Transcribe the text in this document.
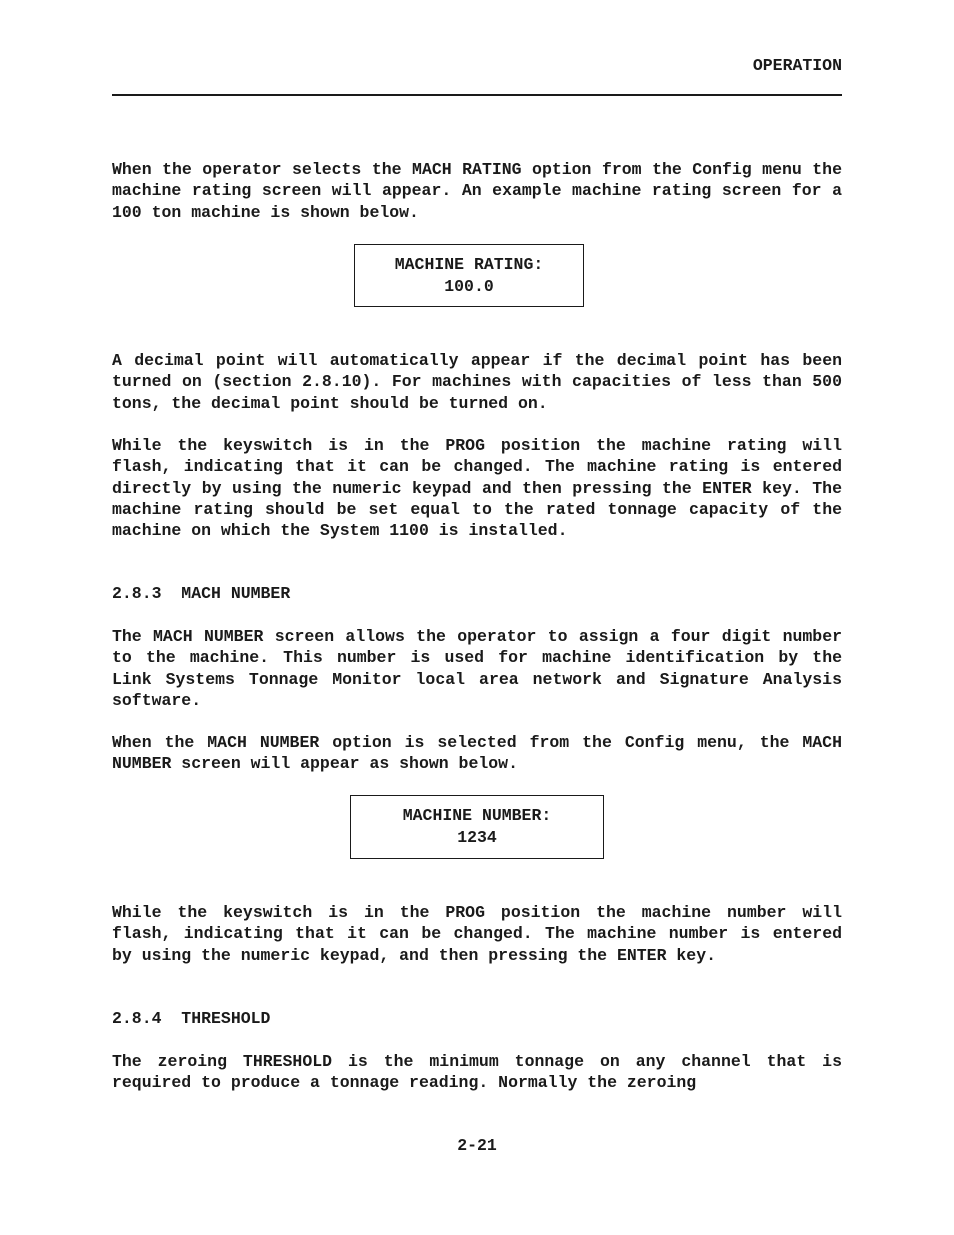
OPERATION

When the operator selects the MACH RATING option from the Config menu the machine rating screen will appear. An example machine rating screen for a 100 ton machine is shown below.

MACHINE RATING:
100.0

A decimal point will automatically appear if the decimal point has been turned on (section 2.8.10). For machines with capacities of less than 500 tons, the decimal point should be turned on.

While the keyswitch is in the PROG position the machine rating will flash, indicating that it can be changed. The machine rating is entered directly by using the numeric keypad and then pressing the ENTER key. The machine rating should be set equal to the rated tonnage capacity of the machine on which the System 1100 is installed.

2.8.3  MACH NUMBER

The MACH NUMBER screen allows the operator to assign a four digit number to the machine. This number is used for machine identification by the Link Systems Tonnage Monitor local area network and Signature Analysis software.

When the MACH NUMBER option is selected from the Config menu, the MACH NUMBER screen will appear as shown below.

MACHINE NUMBER:
1234

While the keyswitch is in the PROG position the machine number will flash, indicating that it can be changed. The machine number is entered by using the numeric keypad, and then pressing the ENTER key.

2.8.4  THRESHOLD

The zeroing THRESHOLD is the minimum tonnage on any channel that is required to produce a tonnage reading. Normally the zeroing

2-21
